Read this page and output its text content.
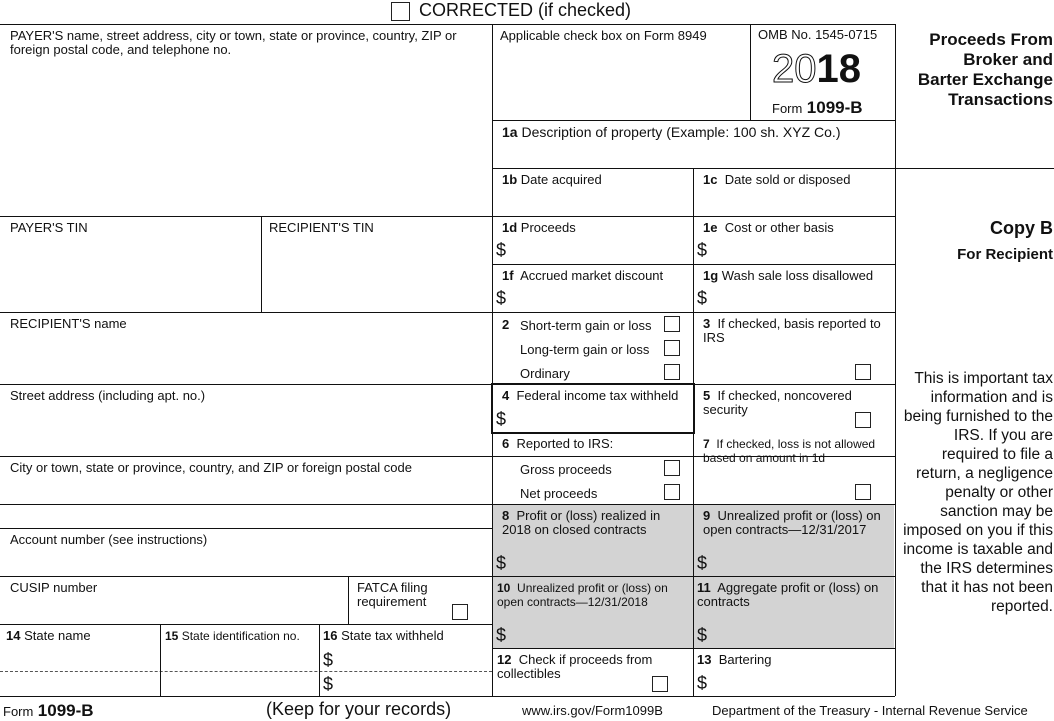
CORRECTED (if checked)
PAYER'S name, street address, city or town, state or province, country, ZIP or foreign postal code, and telephone no.
PAYER'S TIN	RECIPIENT'S TIN
RECIPIENT'S name
Street address (including apt. no.)
City or town, state or province, country, and ZIP or foreign postal code
Account number (see instructions)
CUSIP number	FATCA filing requirement
14 State name	15 State identification no. 16 State tax withheld
$
$
Applicable check box on Form 8949	OMB No. 1545-0715
2018
Form 1099-B
Proceeds From
Broker and
Barter Exchange
Transactions
1a Description of property (Example: 100 sh. XYZ Co.)
1b Date acquired	1c Date sold or disposed
1d Proceeds
$
1e Cost or other basis
$
1f Accrued market discount
$
1g Wash sale loss disallowed
$
2 Short-term gain or loss
Long-term gain or loss
Ordinary
3 If checked, basis reported to IRS
4 Federal income tax withheld
$
5 If checked, noncovered security
6 Reported to IRS:
Gross proceeds
Net proceeds
7 If checked, loss is not allowed based on amount in 1d
8 Profit or (loss) realized in 2018 on closed contracts
$
9 Unrealized profit or (loss) on open contracts—12/31/2017
$
10 Unrealized profit or (loss) on open contracts—12/31/2018
$
11 Aggregate profit or (loss) on contracts
$
12 Check if proceeds from collectibles
13 Bartering
$
Copy B
For Recipient
This is important tax information and is being furnished to the IRS. If you are required to file a return, a negligence penalty or other sanction may be imposed on you if this income is taxable and the IRS determines that it has not been reported.
Form 1099-B	(Keep for your records)	www.irs.gov/Form1099B	Department of the Treasury - Internal Revenue Service
